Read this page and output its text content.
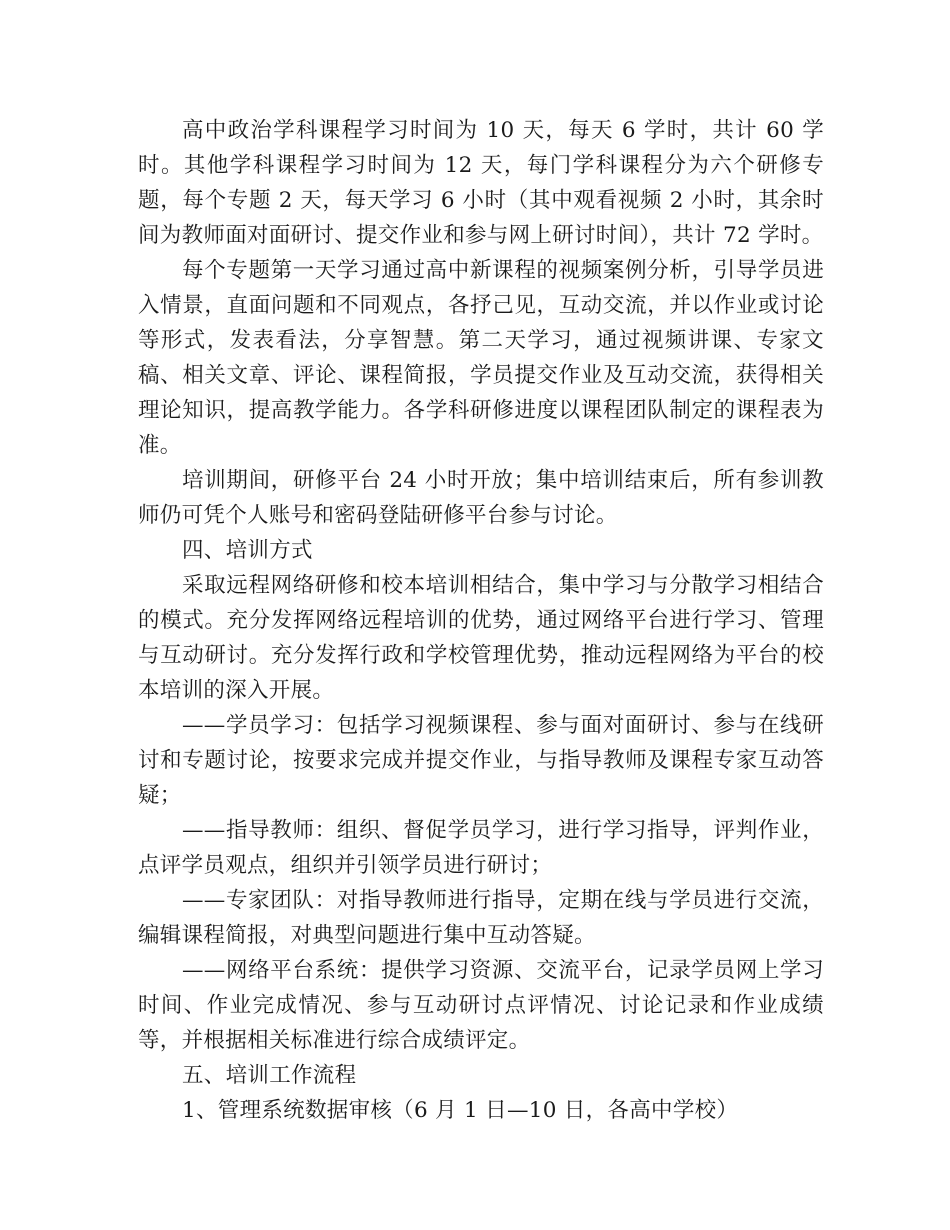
高中政治学科课程学习时间为 10 天，每天 6 学时，共计 60 学时。其他学科课程学习时间为 12 天，每门学科课程分为六个研修专题，每个专题 2 天，每天学习 6 小时（其中观看视频 2 小时，其余时间为教师面对面研讨、提交作业和参与网上研讨时间），共计 72 学时。

每个专题第一天学习通过高中新课程的视频案例分析，引导学员进入情景，直面问题和不同观点，各抒己见，互动交流，并以作业或讨论等形式，发表看法，分享智慧。第二天学习，通过视频讲课、专家文稿、相关文章、评论、课程简报，学员提交作业及互动交流，获得相关理论知识，提高教学能力。各学科研修进度以课程团队制定的课程表为准。

培训期间，研修平台 24 小时开放；集中培训结束后，所有参训教师仍可凭个人账号和密码登陆研修平台参与讨论。

四、培训方式

采取远程网络研修和校本培训相结合，集中学习与分散学习相结合的模式。充分发挥网络远程培训的优势，通过网络平台进行学习、管理与互动研讨。充分发挥行政和学校管理优势，推动远程网络为平台的校本培训的深入开展。

——学员学习：包括学习视频课程、参与面对面研讨、参与在线研讨和专题讨论，按要求完成并提交作业，与指导教师及课程专家互动答疑；

——指导教师：组织、督促学员学习，进行学习指导，评判作业，点评学员观点，组织并引领学员进行研讨；

——专家团队：对指导教师进行指导，定期在线与学员进行交流，编辑课程简报，对典型问题进行集中互动答疑。

——网络平台系统：提供学习资源、交流平台，记录学员网上学习时间、作业完成情况、参与互动研讨点评情况、讨论记录和作业成绩等，并根据相关标准进行综合成绩评定。

五、培训工作流程

1、管理系统数据审核（6 月 1 日—10 日，各高中学校）
